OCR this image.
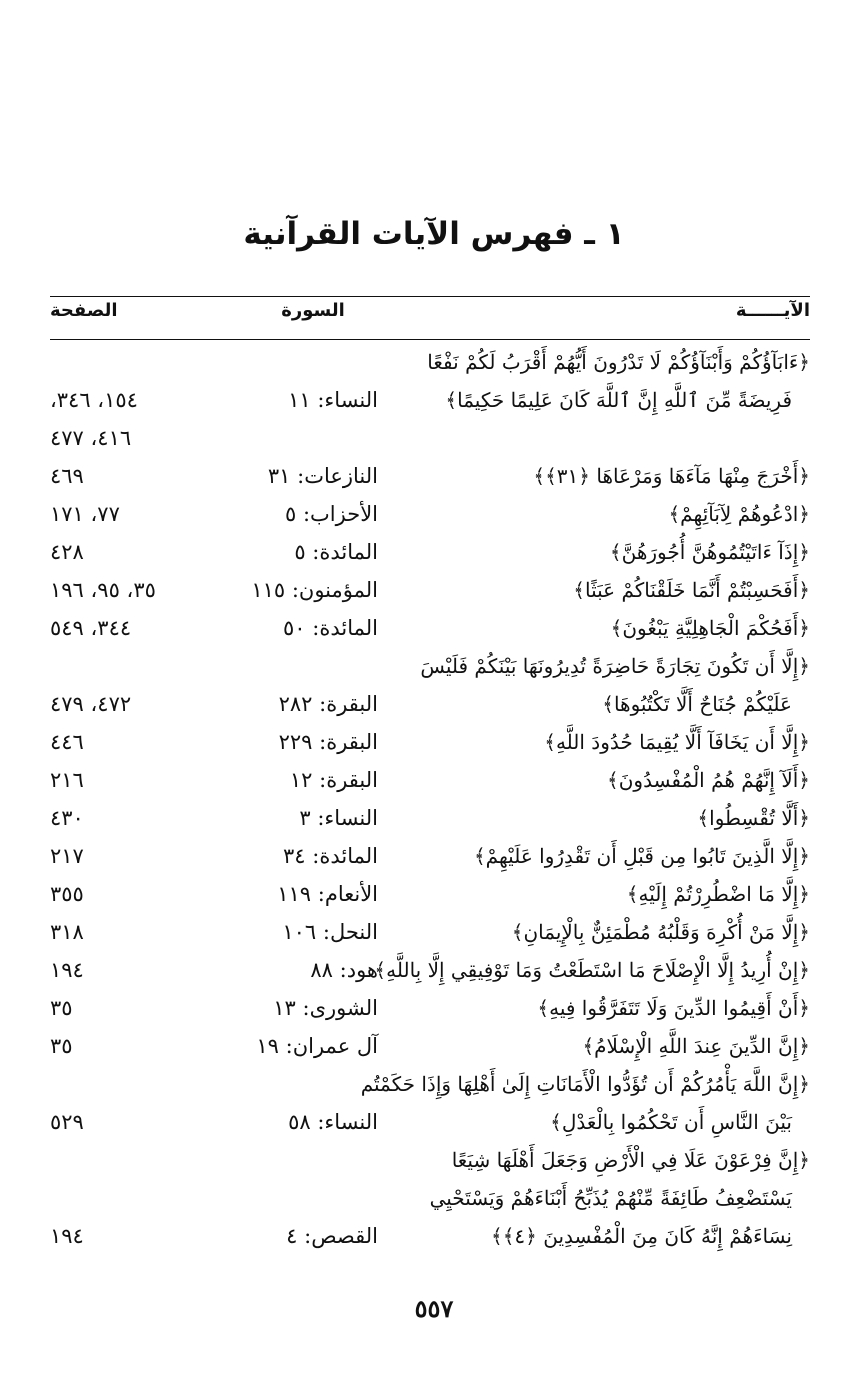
١ ـ فهرس الآيات القرآنية
الآيــــــة
السورة
الصفحة
﴿ءَابَآؤُكُمْ وَأَبْنَآؤُكُمْ لَا تَدْرُونَ أَيُّهُمْ أَقْرَبُ لَكُمْ نَفْعًا
فَرِيضَةً مِّنَ ٱللَّهِ إِنَّ ٱللَّهَ كَانَ عَلِيمًا حَكِيمًا﴾
النساء: ١١
١٥٤، ٣٤٦،
٤١٦، ٤٧٧
﴿أَخْرَجَ مِنْهَا مَآءَهَا وَمَرْعَاهَا ﴿٣١﴾﴾
النازعات: ٣١
٤٦٩
﴿ادْعُوهُمْ لِآبَآئِهِمْ﴾
الأحزاب: ٥
٧٧، ١٧١
﴿إِذَآ ءَاتَيْتُمُوهُنَّ أُجُورَهُنَّ﴾
المائدة: ٥
٤٢٨
﴿أَفَحَسِبْتُمْ أَنَّمَا خَلَقْنَاكُمْ عَبَثًا﴾
المؤمنون: ١١٥
٣٥، ٩٥، ١٩٦
﴿أَفَحُكْمَ الْجَاهِلِيَّةِ يَبْغُونَ﴾
المائدة: ٥٠
٣٤٤، ٥٤٩
﴿إِلَّا أَن تَكُونَ تِجَارَةً حَاضِرَةً تُدِيرُونَهَا بَيْنَكُمْ فَلَيْسَ
عَلَيْكُمْ جُنَاحٌ أَلَّا تَكْتُبُوهَا﴾
البقرة: ٢٨٢
٤٧٢، ٤٧٩
﴿إِلَّا أَن يَخَافَآ أَلَّا يُقِيمَا حُدُودَ اللَّهِ﴾
البقرة: ٢٢٩
٤٤٦
﴿أَلَآ إِنَّهُمْ هُمُ الْمُفْسِدُونَ﴾
البقرة: ١٢
٢١٦
﴿أَلَّا تُقْسِطُوا﴾
النساء: ٣
٤٣٠
﴿إِلَّا الَّذِينَ تَابُوا مِن قَبْلِ أَن تَقْدِرُوا عَلَيْهِمْ﴾
المائدة: ٣٤
٢١٧
﴿إِلَّا مَا اضْطُرِرْتُمْ إِلَيْهِ﴾
الأنعام: ١١٩
٣٥٥
﴿إِلَّا مَنْ أُكْرِهَ وَقَلْبُهُ مُطْمَئِنٌّ بِالْإِيمَانِ﴾
النحل: ١٠٦
٣١٨
﴿إِنْ أُرِيدُ إِلَّا الْإِصْلَاحَ مَا اسْتَطَعْتُ وَمَا تَوْفِيقِي إِلَّا بِاللَّهِ﴾
هود: ٨٨
١٩٤
﴿أَنْ أَقِيمُوا الدِّينَ وَلَا تَتَفَرَّقُوا فِيهِ﴾
الشورى: ١٣
٣٥
﴿إِنَّ الدِّينَ عِندَ اللَّهِ الْإِسْلَامُ﴾
آل عمران: ١٩
٣٥
﴿إِنَّ اللَّهَ يَأْمُرُكُمْ أَن تُؤَدُّوا الْأَمَانَاتِ إِلَىٰ أَهْلِهَا وَإِذَا حَكَمْتُم
بَيْنَ النَّاسِ أَن تَحْكُمُوا بِالْعَدْلِ﴾
النساء: ٥٨
٥٢٩
﴿إِنَّ فِرْعَوْنَ عَلَا فِي الْأَرْضِ وَجَعَلَ أَهْلَهَا شِيَعًا
يَسْتَضْعِفُ طَائِفَةً مِّنْهُمْ يُذَبِّحُ أَبْنَاءَهُمْ وَيَسْتَحْيِي
نِسَاءَهُمْ إِنَّهُ كَانَ مِنَ الْمُفْسِدِينَ ﴿٤﴾﴾
القصص: ٤
١٩٤
٥٥٧
